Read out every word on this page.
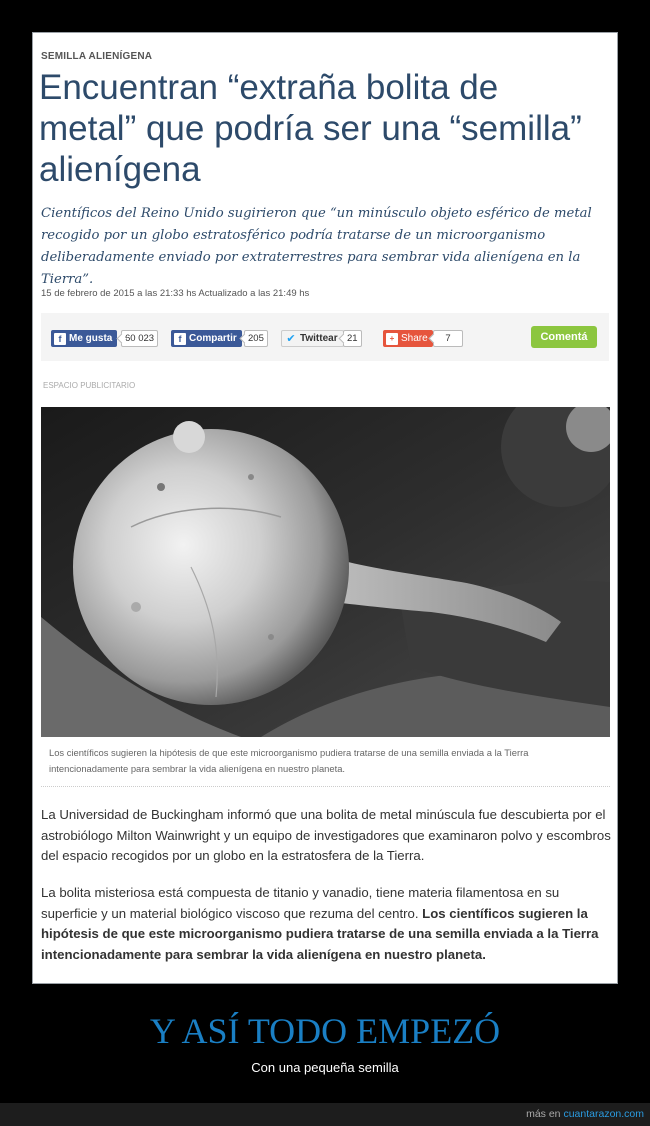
SEMILLA ALIENÍGENA
Encuentran “extraña bolita de metal” que podría ser una “semilla” alienígena

Científicos del Reino Unido sugirieron que “un minúsculo objeto esférico de metal recogido por un globo estratosférico podría tratarse de un microorganismo deliberadamente enviado por extraterrestres para sembrar vida alienígena en la Tierra”.

15 de febrero de 2015 a las 21:33 hs Actualizado a las 21:49 hs
f Me gusta	60 023	f Compartir	205	✔ Twittear 21	+ Share	7	Comentá
ESPACIO PUBLICITARIO

Los científicos sugieren la hipótesis de que este microorganismo pudiera tratarse de una semilla enviada a la Tierra intencionadamente para sembrar la vida alienígena en nuestro planeta.

La Universidad de Buckingham informó que una bolita de metal minúscula fue descubierta por el astrobiólogo Milton Wainwright y un equipo de investigadores que examinaron polvo y escombros del espacio recogidos por un globo en la estratosfera de la Tierra.

La bolita misteriosa está compuesta de titanio y vanadio, tiene materia filamentosa en su superficie y un material biológico viscoso que rezuma del centro. Los científicos sugieren la hipótesis de que este microorganismo pudiera tratarse de una semilla enviada a la Tierra intencionadamente para sembrar la vida alienígena en nuestro planeta.

Y ASÍ TODO EMPEZÓ
Con una pequeña semilla
más en cuantarazon.com
